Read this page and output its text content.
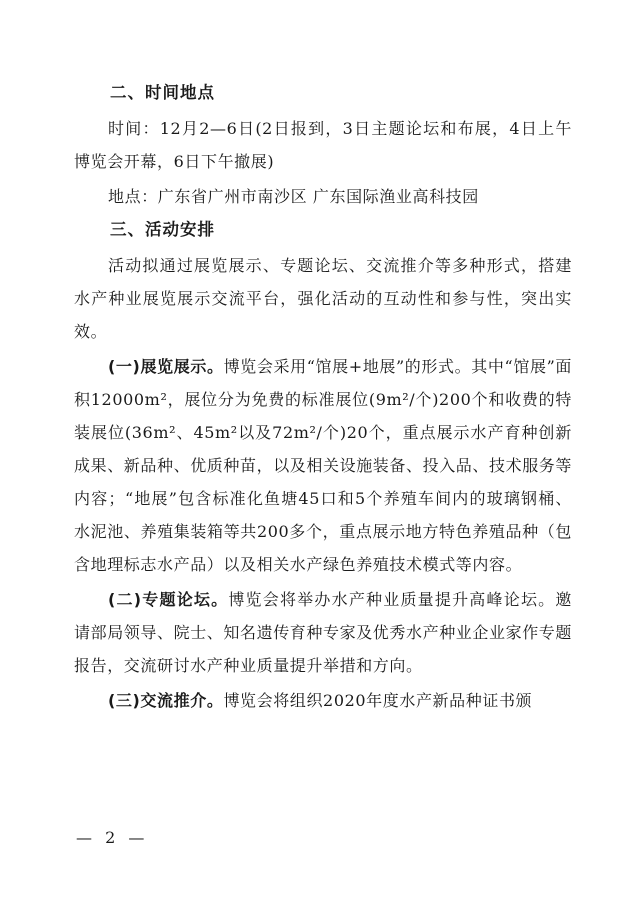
二、时间地点

时间：12月2—6日(2日报到，3日主题论坛和布展，4日上午博览会开幕，6日下午撤展)

地点：广东省广州市南沙区 广东国际渔业高科技园

三、活动安排

活动拟通过展览展示、专题论坛、交流推介等多种形式，搭建水产种业展览展示交流平台，强化活动的互动性和参与性，突出实效。

(一)展览展示。博览会采用“馆展+地展”的形式。其中“馆展”面积12000m²，展位分为免费的标准展位(9m²/个)200个和收费的特装展位(36m²、45m²以及72m²/个)20个，重点展示水产育种创新成果、新品种、优质种苗，以及相关设施装备、投入品、技术服务等内容；“地展”包含标准化鱼塘45口和5个养殖车间内的玻璃钢桶、水泥池、养殖集装箱等共200多个，重点展示地方特色养殖品种（包含地理标志水产品）以及相关水产绿色养殖技术模式等内容。

(二)专题论坛。博览会将举办水产种业质量提升高峰论坛。邀请部局领导、院士、知名遗传育种专家及优秀水产种业企业家作专题报告，交流研讨水产种业质量提升举措和方向。

(三)交流推介。博览会将组织2020年度水产新品种证书颁

— 2 —
